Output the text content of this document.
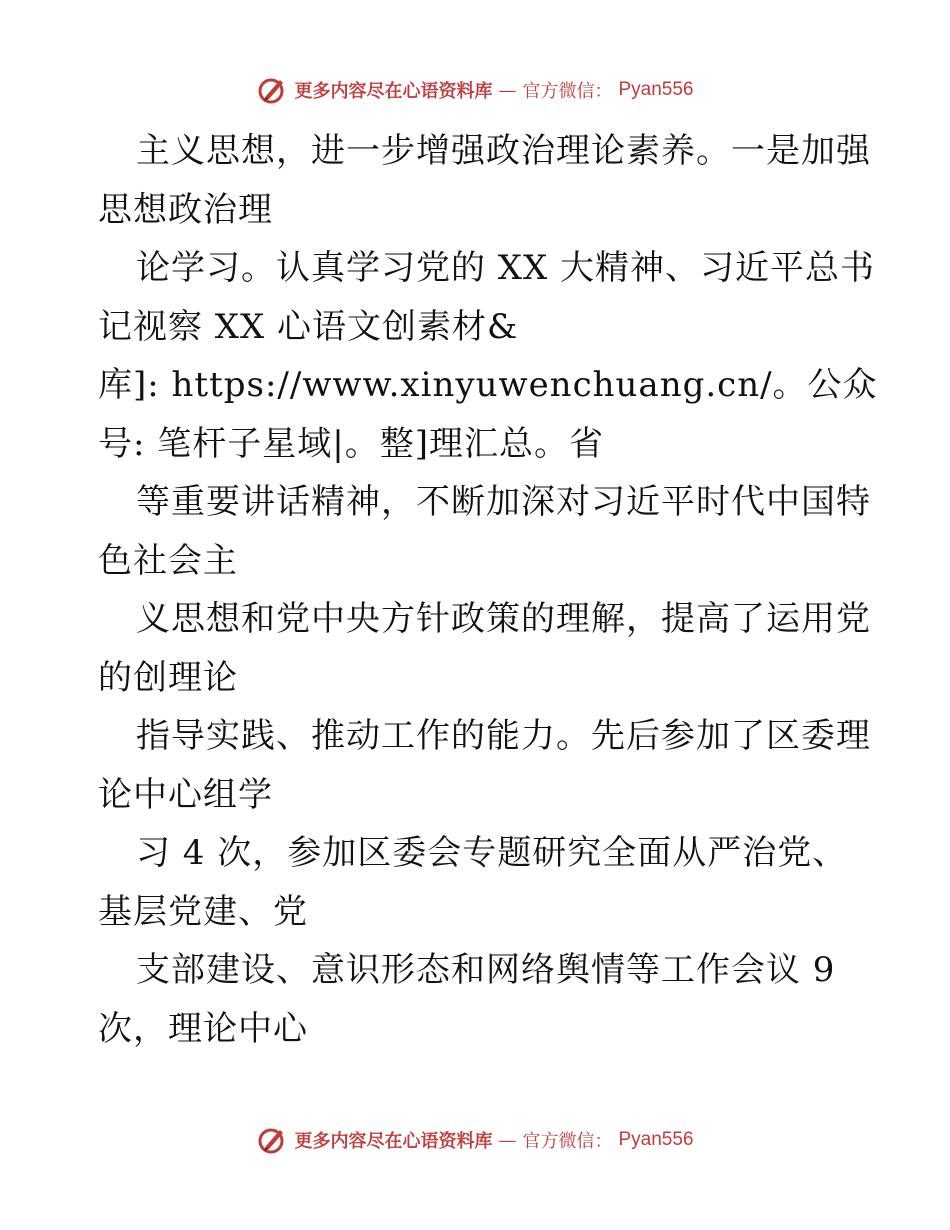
更多内容尽在心语资料库 — 官方微信： Pyan556
主义思想，进一步增强政治理论素养。一是加强
思想政治理
论学习。认真学习党的 XX 大精神、习近平总书
记视察 XX 心语文创素材&
库]: https://www.xinyuwenchuang.cn/。公众
号: 笔杆子星域|。整]理汇总。省
等重要讲话精神，不断加深对习近平时代中国特
色社会主
义思想和党中央方针政策的理解，提高了运用党
的创理论
指导实践、推动工作的能力。先后参加了区委理
论中心组学
习 4 次，参加区委会专题研究全面从严治党、
基层党建、党
支部建设、意识形态和网络舆情等工作会议 9
次，理论中心
更多内容尽在心语资料库 — 官方微信： Pyan556
